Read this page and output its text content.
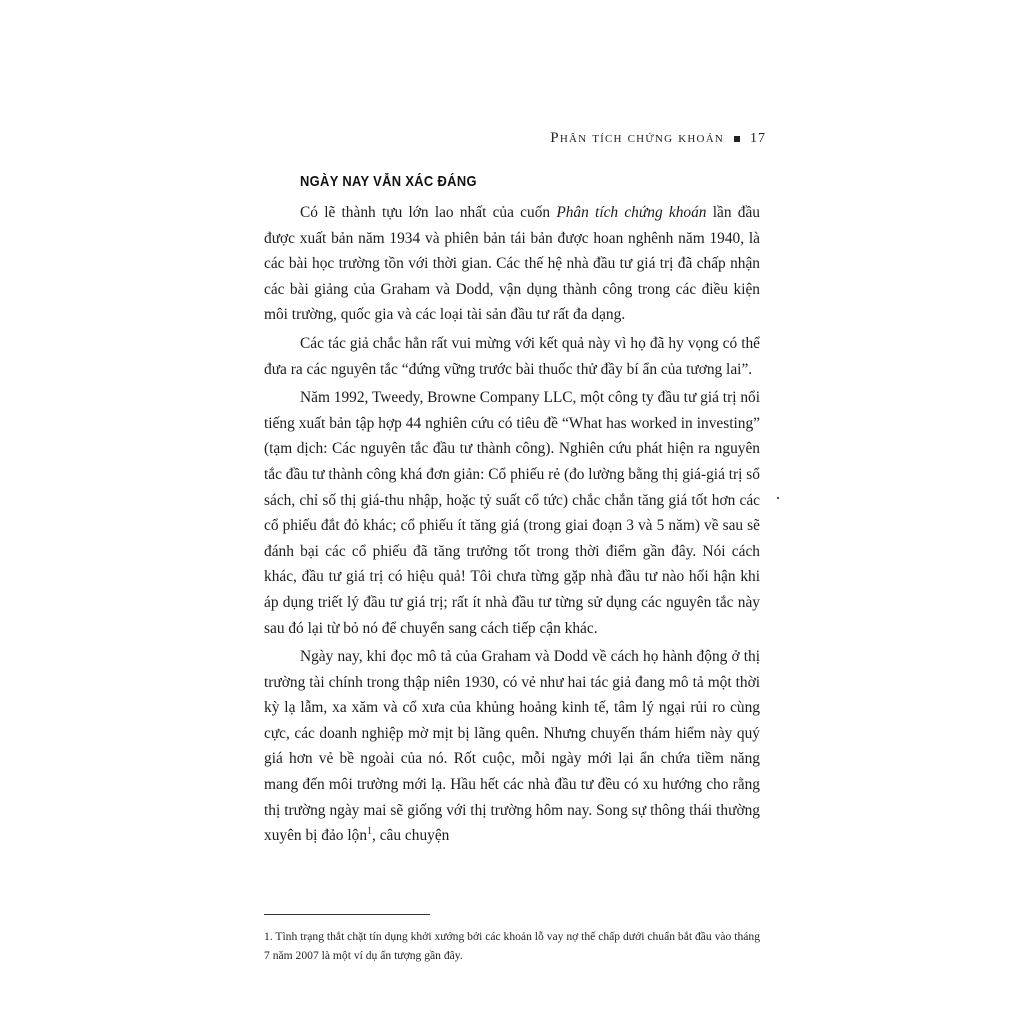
Phân tích chứng khoán 17
NGÀY NAY VẪN XÁC ĐÁNG

Có lẽ thành tựu lớn lao nhất của cuốn Phân tích chứng khoán lần đầu được xuất bản năm 1934 và phiên bản tái bản được hoan nghênh năm 1940, là các bài học trường tồn với thời gian. Các thế hệ nhà đầu tư giá trị đã chấp nhận các bài giảng của Graham và Dodd, vận dụng thành công trong các điều kiện môi trường, quốc gia và các loại tài sản đầu tư rất đa dạng.

Các tác giả chắc hẳn rất vui mừng với kết quả này vì họ đã hy vọng có thể đưa ra các nguyên tắc “đứng vững trước bài thuốc thử đầy bí ẩn của tương lai”.

Năm 1992, Tweedy, Browne Company LLC, một công ty đầu tư giá trị nổi tiếng xuất bản tập hợp 44 nghiên cứu có tiêu đề “What has worked in investing” (tạm dịch: Các nguyên tắc đầu tư thành công). Nghiên cứu phát hiện ra nguyên tắc đầu tư thành công khá đơn giản: Cổ phiếu rẻ (đo lường bằng thị giá-giá trị sổ sách, chỉ số thị giá-thu nhập, hoặc tỷ suất cổ tức) chắc chắn tăng giá tốt hơn các cổ phiếu đắt đỏ khác; cổ phiếu ít tăng giá (trong giai đoạn 3 và 5 năm) về sau sẽ đánh bại các cổ phiếu đã tăng trưởng tốt trong thời điểm gần đây. Nói cách khác, đầu tư giá trị có hiệu quả! Tôi chưa từng gặp nhà đầu tư nào hối hận khi áp dụng triết lý đầu tư giá trị; rất ít nhà đầu tư từng sử dụng các nguyên tắc này sau đó lại từ bỏ nó để chuyển sang cách tiếp cận khác.

Ngày nay, khi đọc mô tả của Graham và Dodd về cách họ hành động ở thị trường tài chính trong thập niên 1930, có vẻ như hai tác giả đang mô tả một thời kỳ lạ lẫm, xa xăm và cổ xưa của khủng hoảng kinh tế, tâm lý ngại rủi ro cùng cực, các doanh nghiệp mờ mịt bị lãng quên. Nhưng chuyến thám hiểm này quý giá hơn vẻ bề ngoài của nó. Rốt cuộc, mỗi ngày mới lại ẩn chứa tiềm năng mang đến môi trường mới lạ. Hầu hết các nhà đầu tư đều có xu hướng cho rằng thị trường ngày mai sẽ giống với thị trường hôm nay. Song sự thông thái thường xuyên bị đảo lộn$^1$, câu chuyện

1. Tình trạng thắt chặt tín dụng khởi xướng bởi các khoản lỗ vay nợ thế chấp dưới chuẩn bắt đầu vào tháng 7 năm 2007 là một ví dụ ấn tượng gần đây.
